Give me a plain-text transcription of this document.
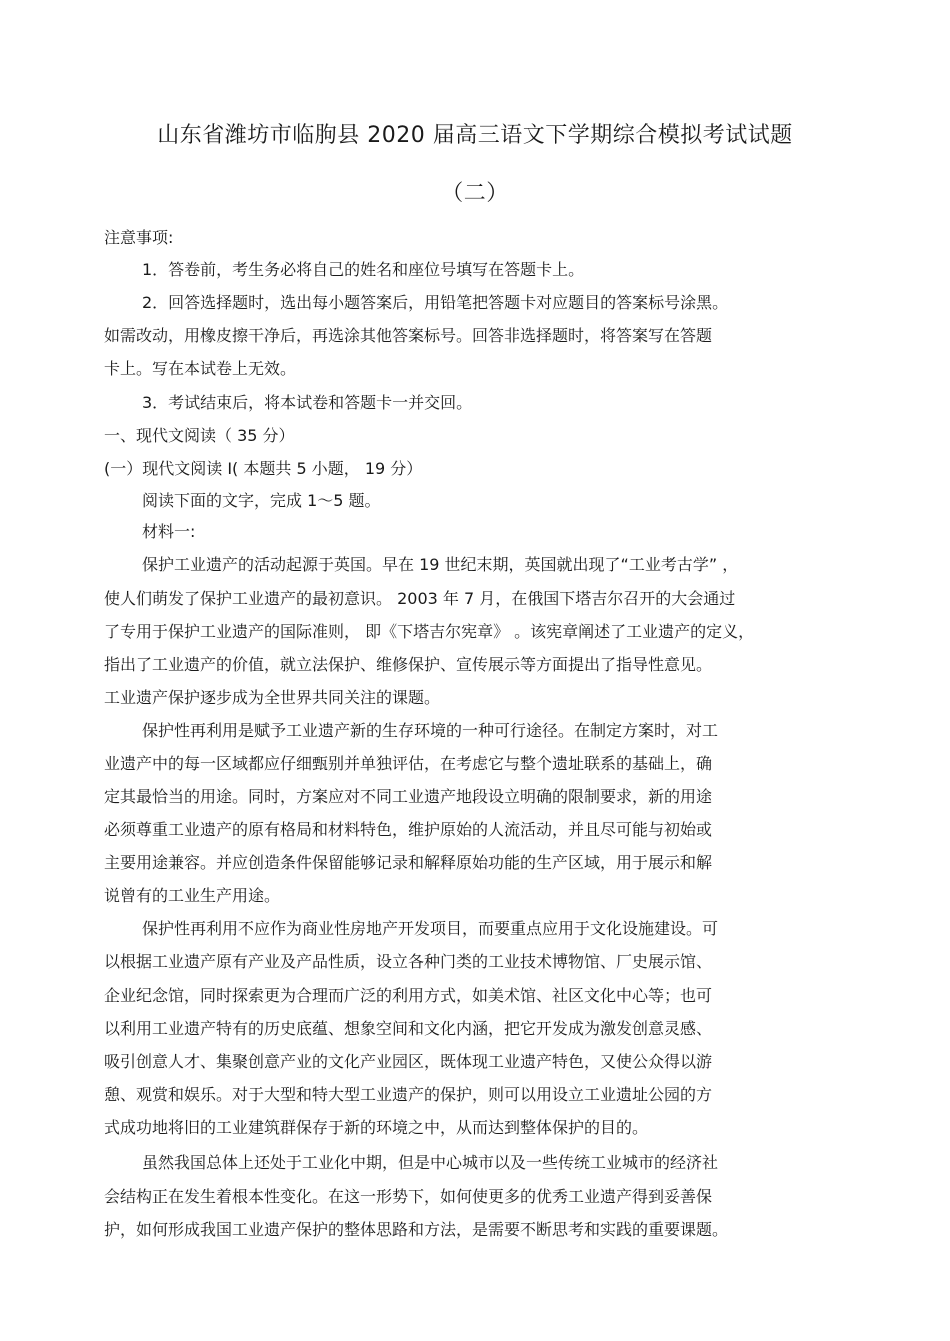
山东省潍坊市临朐县 2020 届高三语文下学期综合模拟考试试题
（二）
注意事项:
1．答卷前，考生务必将自己的姓名和座位号填写在答题卡上。
2．回答选择题时，选出每小题答案后，用铅笔把答题卡对应题目的答案标号涂黑。
如需改动，用橡皮擦干净后，再选涂其他答案标号。回答非选择题时，将答案写在答题
卡上。写在本试卷上无效。
3．考试结束后，将本试卷和答题卡一并交回。
一、现代文阅读（ 35 分）
(一）现代文阅读 Ⅰ( 本题共 5 小题， 19 分）
阅读下面的文字，完成 1～5 题。
材料一:
保护工业遗产的活动起源于英国。早在 19 世纪末期，英国就出现了“工业考古学” ，
使人们萌发了保护工业遗产的最初意识。 2003 年 7 月，在俄国下塔吉尔召开的大会通过
了专用于保护工业遗产的国际准则， 即《下塔吉尔宪章》 。该宪章阐述了工业遗产的定义，
指出了工业遗产的价值，就立法保护、维修保护、宣传展示等方面提出了指导性意见。
工业遗产保护逐步成为全世界共同关注的课题。
保护性再利用是赋予工业遗产新的生存环境的一种可行途径。在制定方案时，对工
业遗产中的每一区域都应仔细甄别并单独评估，在考虑它与整个遗址联系的基础上，确
定其最恰当的用途。同时，方案应对不同工业遗产地段设立明确的限制要求，新的用途
必须尊重工业遗产的原有格局和材料特色，维护原始的人流活动，并且尽可能与初始或
主要用途兼容。并应创造条件保留能够记录和解释原始功能的生产区域，用于展示和解
说曾有的工业生产用途。
保护性再利用不应作为商业性房地产开发项目，而要重点应用于文化设施建设。可
以根据工业遗产原有产业及产品性质，设立各种门类的工业技术博物馆、厂史展示馆、
企业纪念馆，同时探索更为合理而广泛的利用方式，如美术馆、社区文化中心等；也可
以利用工业遗产特有的历史底蕴、想象空间和文化内涵，把它开发成为激发创意灵感、
吸引创意人才、集聚创意产业的文化产业园区，既体现工业遗产特色，又使公众得以游
憩、观赏和娱乐。对于大型和特大型工业遗产的保护，则可以用设立工业遗址公园的方
式成功地将旧的工业建筑群保存于新的环境之中，从而达到整体保护的目的。
虽然我国总体上还处于工业化中期，但是中心城市以及一些传统工业城市的经济社
会结构正在发生着根本性变化。在这一形势下，如何使更多的优秀工业遗产得到妥善保
护，如何形成我国工业遗产保护的整体思路和方法，是需要不断思考和实践的重要课题。
